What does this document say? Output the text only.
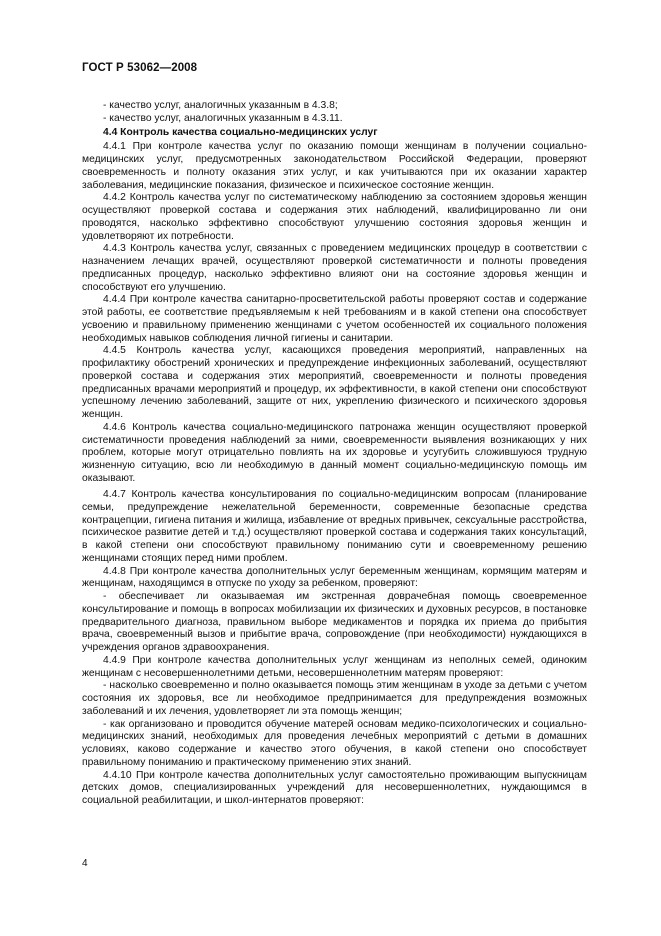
ГОСТ Р 53062—2008

- качество услуг, аналогичных указанным в 4.3.8;

- качество услуг, аналогичных указанным в 4.3.11.

4.4 Контроль качества социально-медицинских услуг

4.4.1 При контроле качества услуг по оказанию помощи женщинам в получении социально-медицинских услуг, предусмотренных законодательством Российской Федерации, проверяют своевременность и полноту оказания этих услуг, и как учитываются при их оказании характер заболевания, медицинские показания, физическое и психическое состояние женщин.

4.4.2 Контроль качества услуг по систематическому наблюдению за состоянием здоровья женщин осуществляют проверкой состава и содержания этих наблюдений, квалифицированно ли они проводятся, насколько эффективно способствуют улучшению состояния здоровья женщин и удовлетворяют их потребности.

4.4.3 Контроль качества услуг, связанных с проведением медицинских процедур в соответствии с назначением лечащих врачей, осуществляют проверкой систематичности и полноты проведения предписанных процедур, насколько эффективно влияют они на состояние здоровья женщин и способствуют его улучшению.

4.4.4 При контроле качества санитарно-просветительской работы проверяют состав и содержание этой работы, ее соответствие предъявляемым к ней требованиям и в какой степени она способствует усвоению и правильному применению женщинами с учетом особенностей их социального положения необходимых навыков соблюдения личной гигиены и санитарии.

4.4.5 Контроль качества услуг, касающихся проведения мероприятий, направленных на профилактику обострений хронических и предупреждение инфекционных заболеваний, осуществляют проверкой состава и содержания этих мероприятий, своевременности и полноты проведения предписанных врачами мероприятий и процедур, их эффективности, в какой степени они способствуют успешному лечению заболеваний, защите от них, укреплению физического и психического здоровья женщин.

4.4.6 Контроль качества социально-медицинского патронажа женщин осуществляют проверкой систематичности проведения наблюдений за ними, своевременности выявления возникающих у них проблем, которые могут отрицательно повлиять на их здоровье и усугубить сложившуюся трудную жизненную ситуацию, всю ли необходимую в данный момент социально-медицинскую помощь им оказывают.

4.4.7 Контроль качества консультирования по социально-медицинским вопросам (планирование семьи, предупреждение нежелательной беременности, современные безопасные средства контрацепции, гигиена питания и жилища, избавление от вредных привычек, сексуальные расстройства, психическое развитие детей и т.д.) осуществляют проверкой состава и содержания таких консультаций, в какой степени они способствуют правильному пониманию сути и своевременному решению женщинами стоящих перед ними проблем.

4.4.8 При контроле качества дополнительных услуг беременным женщинам, кормящим матерям и женщинам, находящимся в отпуске по уходу за ребенком, проверяют:

- обеспечивает ли оказываемая им экстренная доврачебная помощь своевременное консультирование и помощь в вопросах мобилизации их физических и духовных ресурсов, в постановке предварительного диагноза, правильном выборе медикаментов и порядка их приема до прибытия врача, своевременный вызов и прибытие врача, сопровождение (при необходимости) нуждающихся в учреждения органов здравоохранения.

4.4.9 При контроле качества дополнительных услуг женщинам из неполных семей, одиноким женщинам с несовершеннолетними детьми, несовершеннолетним матерям проверяют:

- насколько своевременно и полно оказывается помощь этим женщинам в уходе за детьми с учетом состояния их здоровья, все ли необходимое предпринимается для предупреждения возможных заболеваний и их лечения, удовлетворяет ли эта помощь женщин;

- как организовано и проводится обучение матерей основам медико-психологических и социально-медицинских знаний, необходимых для проведения лечебных мероприятий с детьми в домашних условиях, каково содержание и качество этого обучения, в какой степени оно способствует правильному пониманию и практическому применению этих знаний.

4.4.10 При контроле качества дополнительных услуг самостоятельно проживающим выпускницам детских домов, специализированных учреждений для несовершеннолетних, нуждающимся в социальной реабилитации, и школ-интернатов проверяют:

4
